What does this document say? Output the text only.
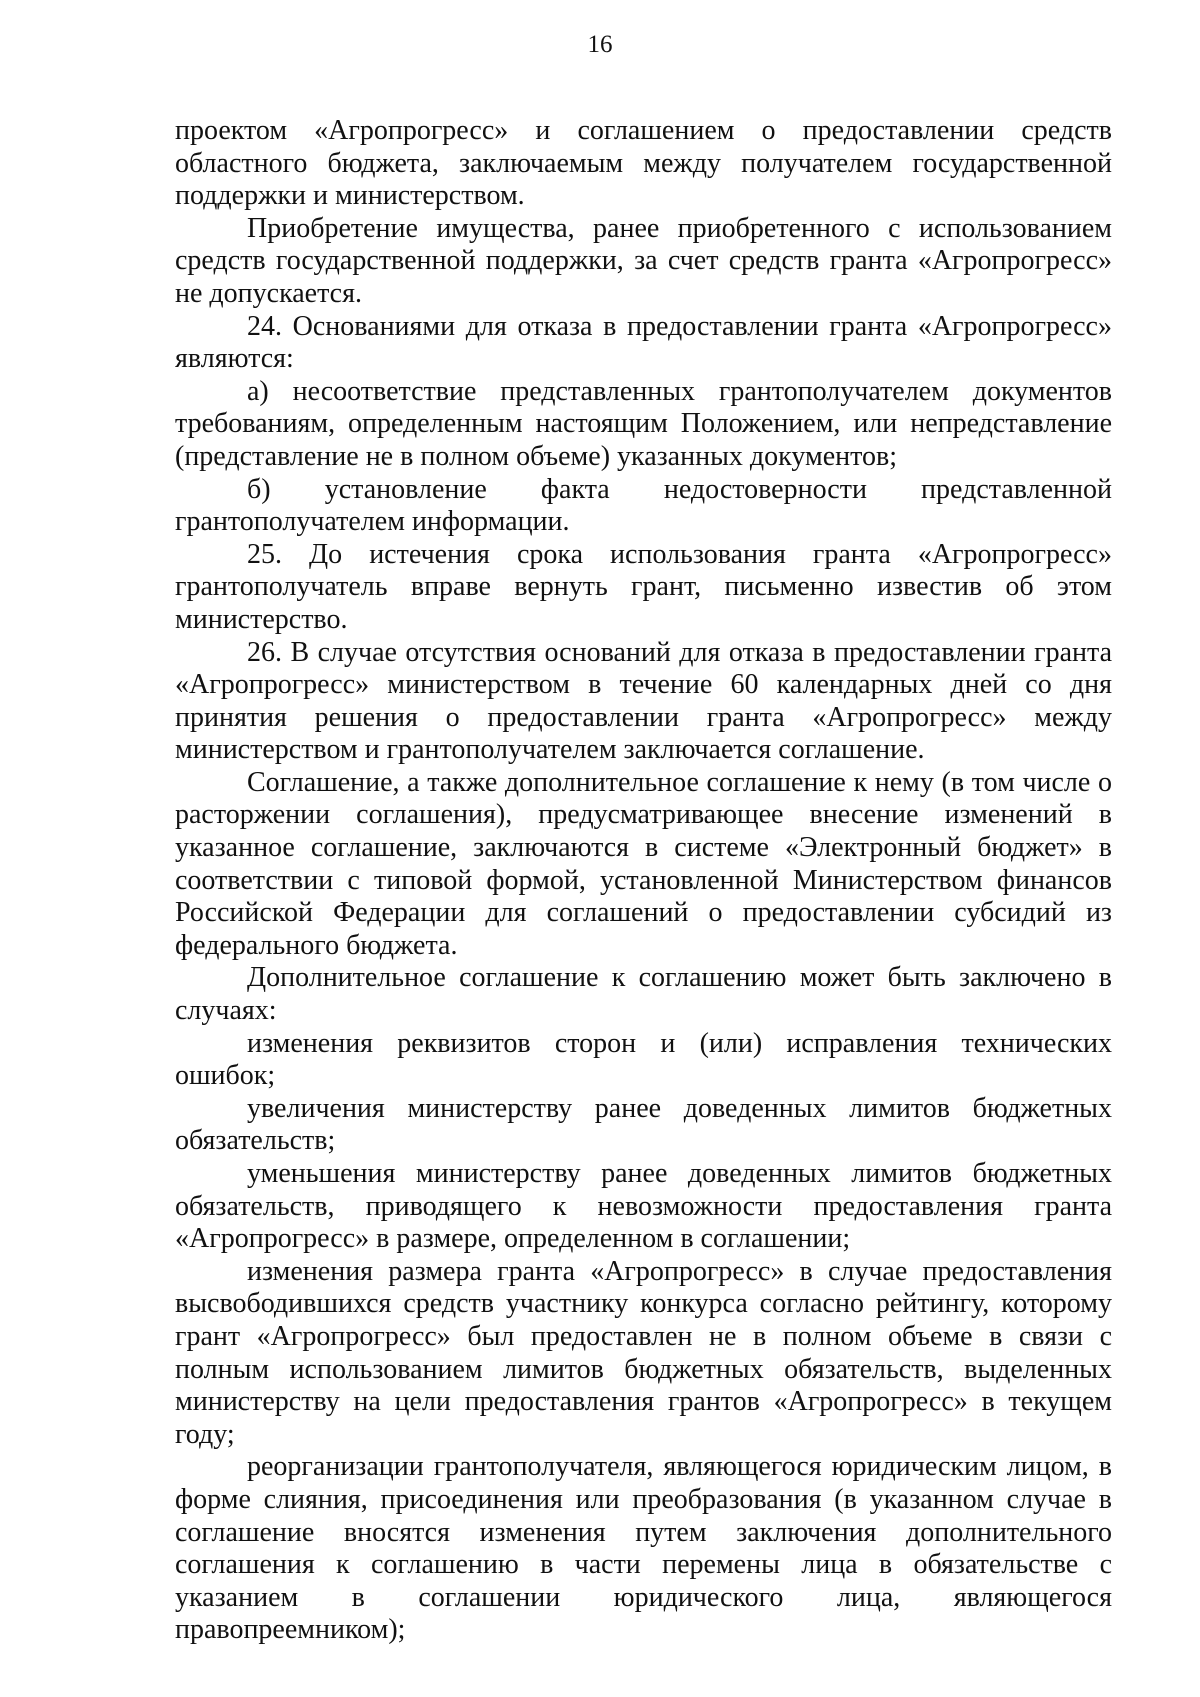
16

проектом «Агропрогресс» и соглашением о предоставлении средств областного бюджета, заключаемым между получателем государственной поддержки и министерством.

Приобретение имущества, ранее приобретенного с использованием средств государственной поддержки, за счет средств гранта «Агропрогресс» не допускается.

24. Основаниями для отказа в предоставлении гранта «Агропрогресс» являются:

а) несоответствие представленных грантополучателем документов требованиям, определенным настоящим Положением, или непредставление (представление не в полном объеме) указанных документов;

б) установление факта недостоверности представленной грантополучателем информации.

25. До истечения срока использования гранта «Агропрогресс» грантополучатель вправе вернуть грант, письменно известив об этом министерство.

26. В случае отсутствия оснований для отказа в предоставлении гранта «Агропрогресс» министерством в течение 60 календарных дней со дня принятия решения о предоставлении гранта «Агропрогресс» между министерством и грантополучателем заключается соглашение.

Соглашение, а также дополнительное соглашение к нему (в том числе о расторжении соглашения), предусматривающее внесение изменений в указанное соглашение, заключаются в системе «Электронный бюджет» в соответствии с типовой формой, установленной Министерством финансов Российской Федерации для соглашений о предоставлении субсидий из федерального бюджета.

Дополнительное соглашение к соглашению может быть заключено в случаях:

изменения реквизитов сторон и (или) исправления технических ошибок;

увеличения министерству ранее доведенных лимитов бюджетных обязательств;

уменьшения министерству ранее доведенных лимитов бюджетных обязательств, приводящего к невозможности предоставления гранта «Агропрогресс» в размере, определенном в соглашении;

изменения размера гранта «Агропрогресс» в случае предоставления высвободившихся средств участнику конкурса согласно рейтингу, которому грант «Агропрогресс» был предоставлен не в полном объеме в связи с полным использованием лимитов бюджетных обязательств, выделенных министерству на цели предоставления грантов «Агропрогресс» в текущем году;

реорганизации грантополучателя, являющегося юридическим лицом, в форме слияния, присоединения или преобразования (в указанном случае в соглашение вносятся изменения путем заключения дополнительного соглашения к соглашению в части перемены лица в обязательстве с указанием в соглашении юридического лица, являющегося правопреемником);
